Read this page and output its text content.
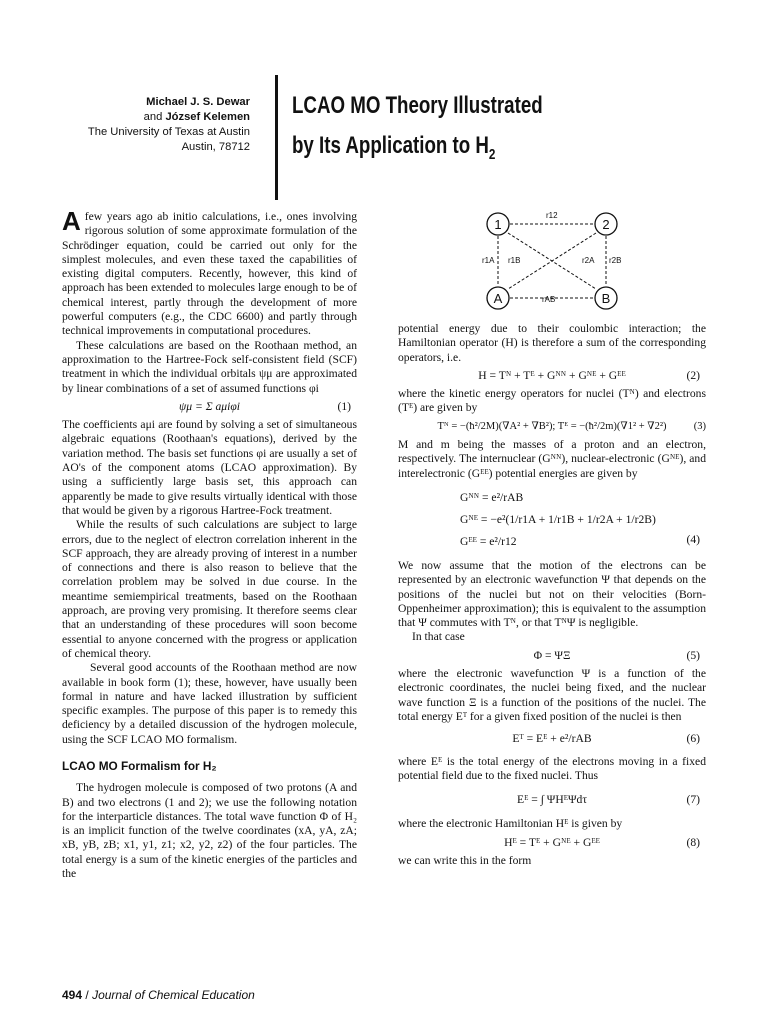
Michael J. S. Dewar
and József Kelemen
The University of Texas at Austin
Austin, 78712
LCAO MO Theory Illustrated
by Its Application to $H_2$
1	2
A	B
r12
r1A r1B	r2A r2B
rAB

Afew years ago ab initio calculations, i.e., ones involving rigorous solution of some approximate formulation of the Schrödinger equation, could be carried out only for the simplest molecules, and even these taxed the capabilities of existing digital computers. Recently, however, this kind of approach has been extended to molecules large enough to be of chemical interest, partly through the development of more powerful computers (e.g., the CDC 6600) and partly through technical improvements in computational procedures.

These calculations are based on the Roothaan method, an approximation to the Hartree-Fock self-consistent field (SCF) treatment in which the individual orbitals ψμ are approximated by linear combinations of a set of assumed functions φi

ψμ = Σ aμiφi	(1)

The coefficients aμi are found by solving a set of simultaneous algebraic equations (Roothaan's equations), derived by the variation method. The basis set functions φi are usually a set of AO's of the component atoms (LCAO approximation). By using a sufficiently large basis set, this approach can apparently be made to give results virtually identical with those that would be given by a rigorous Hartree-Fock treatment.

While the results of such calculations are subject to large errors, due to the neglect of electron correlation inherent in the SCF approach, they are already proving of interest in a number of connections and there is also reason to believe that the correlation problem may be solved in due course. In the meantime semiempirical treatments, based on the Roothaan approach, are proving very promising. It therefore seems clear that an understanding of these procedures will soon become essential to anyone concerned with the progress or application of chemical theory.

Several good accounts of the Roothaan method are now available in book form (1); these, however, have usually been formal in nature and have lacked illustration by sufficient specific examples. The purpose of this paper is to remedy this deficiency by a detailed discussion of the hydrogen molecule, using the SCF LCAO MO formalism.

LCAO MO Formalism for H₂

The hydrogen molecule is composed of two protons (A and B) and two electrons (1 and 2); we use the following notation for the interparticle distances. The total wave function Φ of H₂ is an implicit function of the twelve coordinates (xA, yA, zA; xB, yB, zB; x1, y1, z1; x2, y2, z2) of the four particles. The total energy is a sum of the kinetic energies of the particles and the

potential energy due to their coulombic interaction; the Hamiltonian operator (H) is therefore a sum of the corresponding operators, i.e.

H = Tᴺ + Tᴱ + Gᴺᴺ + Gᴺᴱ + Gᴱᴱ	(2)

where the kinetic energy operators for nuclei (Tᴺ) and electrons (Tᴱ) are given by

Tᴺ = −(ħ²/2M)(∇A² + ∇B²); Tᴱ = −(ħ²/2m)(∇1² + ∇2²)	(3)

M and m being the masses of a proton and an electron, respectively. The internuclear (Gᴺᴺ), nuclear-electronic (Gᴺᴱ), and interelectronic (Gᴱᴱ) potential energies are given by

Gᴺᴺ = e²/rAB
Gᴺᴱ = −e²(1/r1A + 1/r1B + 1/r2A + 1/r2B)
Gᴱᴱ = e²/r12	(4)

We now assume that the motion of the electrons can be represented by an electronic wavefunction Ψ that depends on the positions of the nuclei but not on their velocities (Born-Oppenheimer approximation); this is equivalent to the assumption that Ψ commutes with Tᴺ, or that TᴺΨ is negligible.

In that case

Φ = ΨΞ	(5)

where the electronic wavefunction Ψ is a function of the electronic coordinates, the nuclei being fixed, and the nuclear wave function Ξ is a function of the positions of the nuclei. The total energy Eᵀ for a given fixed position of the nuclei is then

Eᵀ = Eᴱ + e²/rAB	(6)

where Eᴱ is the total energy of the electrons moving in a fixed potential field due to the fixed nuclei. Thus

Eᴱ = ∫ ΨHᴱΨdτ	(7)

where the electronic Hamiltonian Hᴱ is given by

Hᴱ = Tᴱ + Gᴺᴱ + Gᴱᴱ	(8)

we can write this in the form

494 / Journal of Chemical Education
